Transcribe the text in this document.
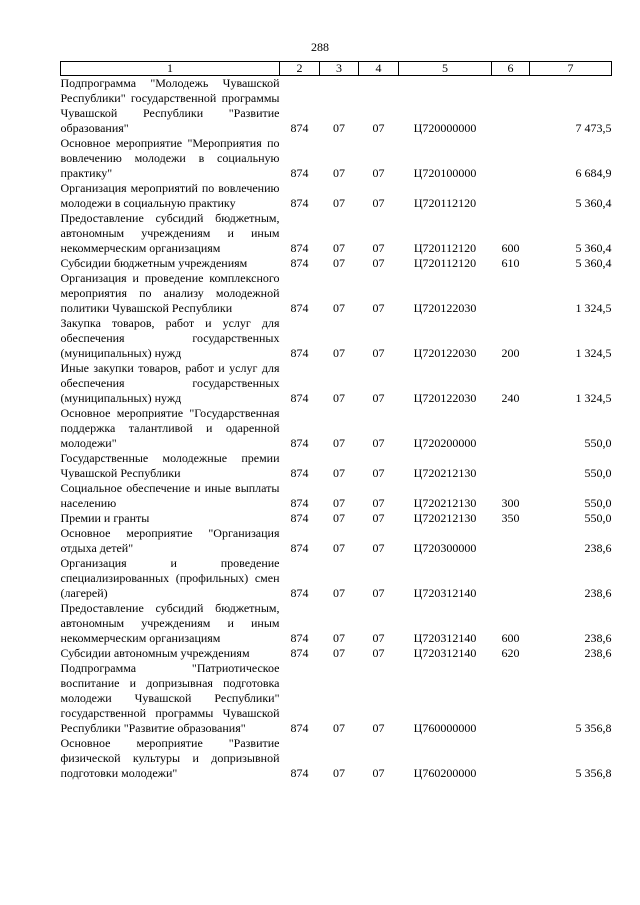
288
1	2	3	4	5	6	7
Подпрограмма "Молодежь Чувашской Республики" государственной программы Чувашской Республики "Развитие образования"	874	07	07	Ц720000000		7 473,5
Основное мероприятие "Мероприятия по вовлечению молодежи в социальную практику"	874	07	07	Ц720100000		6 684,9
Организация мероприятий по вовлечению молодежи в социальную практику	874	07	07	Ц720112120		5 360,4
Предоставление субсидий бюджетным, автономным учреждениям и иным некоммерческим организациям	874	07	07	Ц720112120	600	5 360,4
Субсидии бюджетным учреждениям	874	07	07	Ц720112120	610	5 360,4
Организация и проведение комплексного мероприятия по анализу молодежной политики Чувашской Республики	874	07	07	Ц720122030		1 324,5
Закупка товаров, работ и услуг для обеспечения государственных (муниципальных) нужд	874	07	07	Ц720122030	200	1 324,5
Иные закупки товаров, работ и услуг для обеспечения государственных (муниципальных) нужд	874	07	07	Ц720122030	240	1 324,5
Основное мероприятие "Государственная поддержка талантливой и одаренной молодежи"	874	07	07	Ц720200000		550,0
Государственные молодежные премии Чувашской Республики	874	07	07	Ц720212130		550,0
Социальное обеспечение и иные выплаты населению	874	07	07	Ц720212130	300	550,0
Премии и гранты	874	07	07	Ц720212130	350	550,0
Основное мероприятие "Организация отдыха детей"	874	07	07	Ц720300000		238,6
Организация и проведение специализированных (профильных) смен (лагерей)	874	07	07	Ц720312140		238,6
Предоставление субсидий бюджетным, автономным учреждениям и иным некоммерческим организациям	874	07	07	Ц720312140	600	238,6
Субсидии автономным учреждениям	874	07	07	Ц720312140	620	238,6
Подпрограмма "Патриотическое воспитание и допризывная подготовка молодежи Чувашской Республики" государственной программы Чувашской Республики "Развитие образования"	874	07	07	Ц760000000		5 356,8
Основное мероприятие "Развитие физической культуры и допризывной подготовки молодежи"	874	07	07	Ц760200000		5 356,8
